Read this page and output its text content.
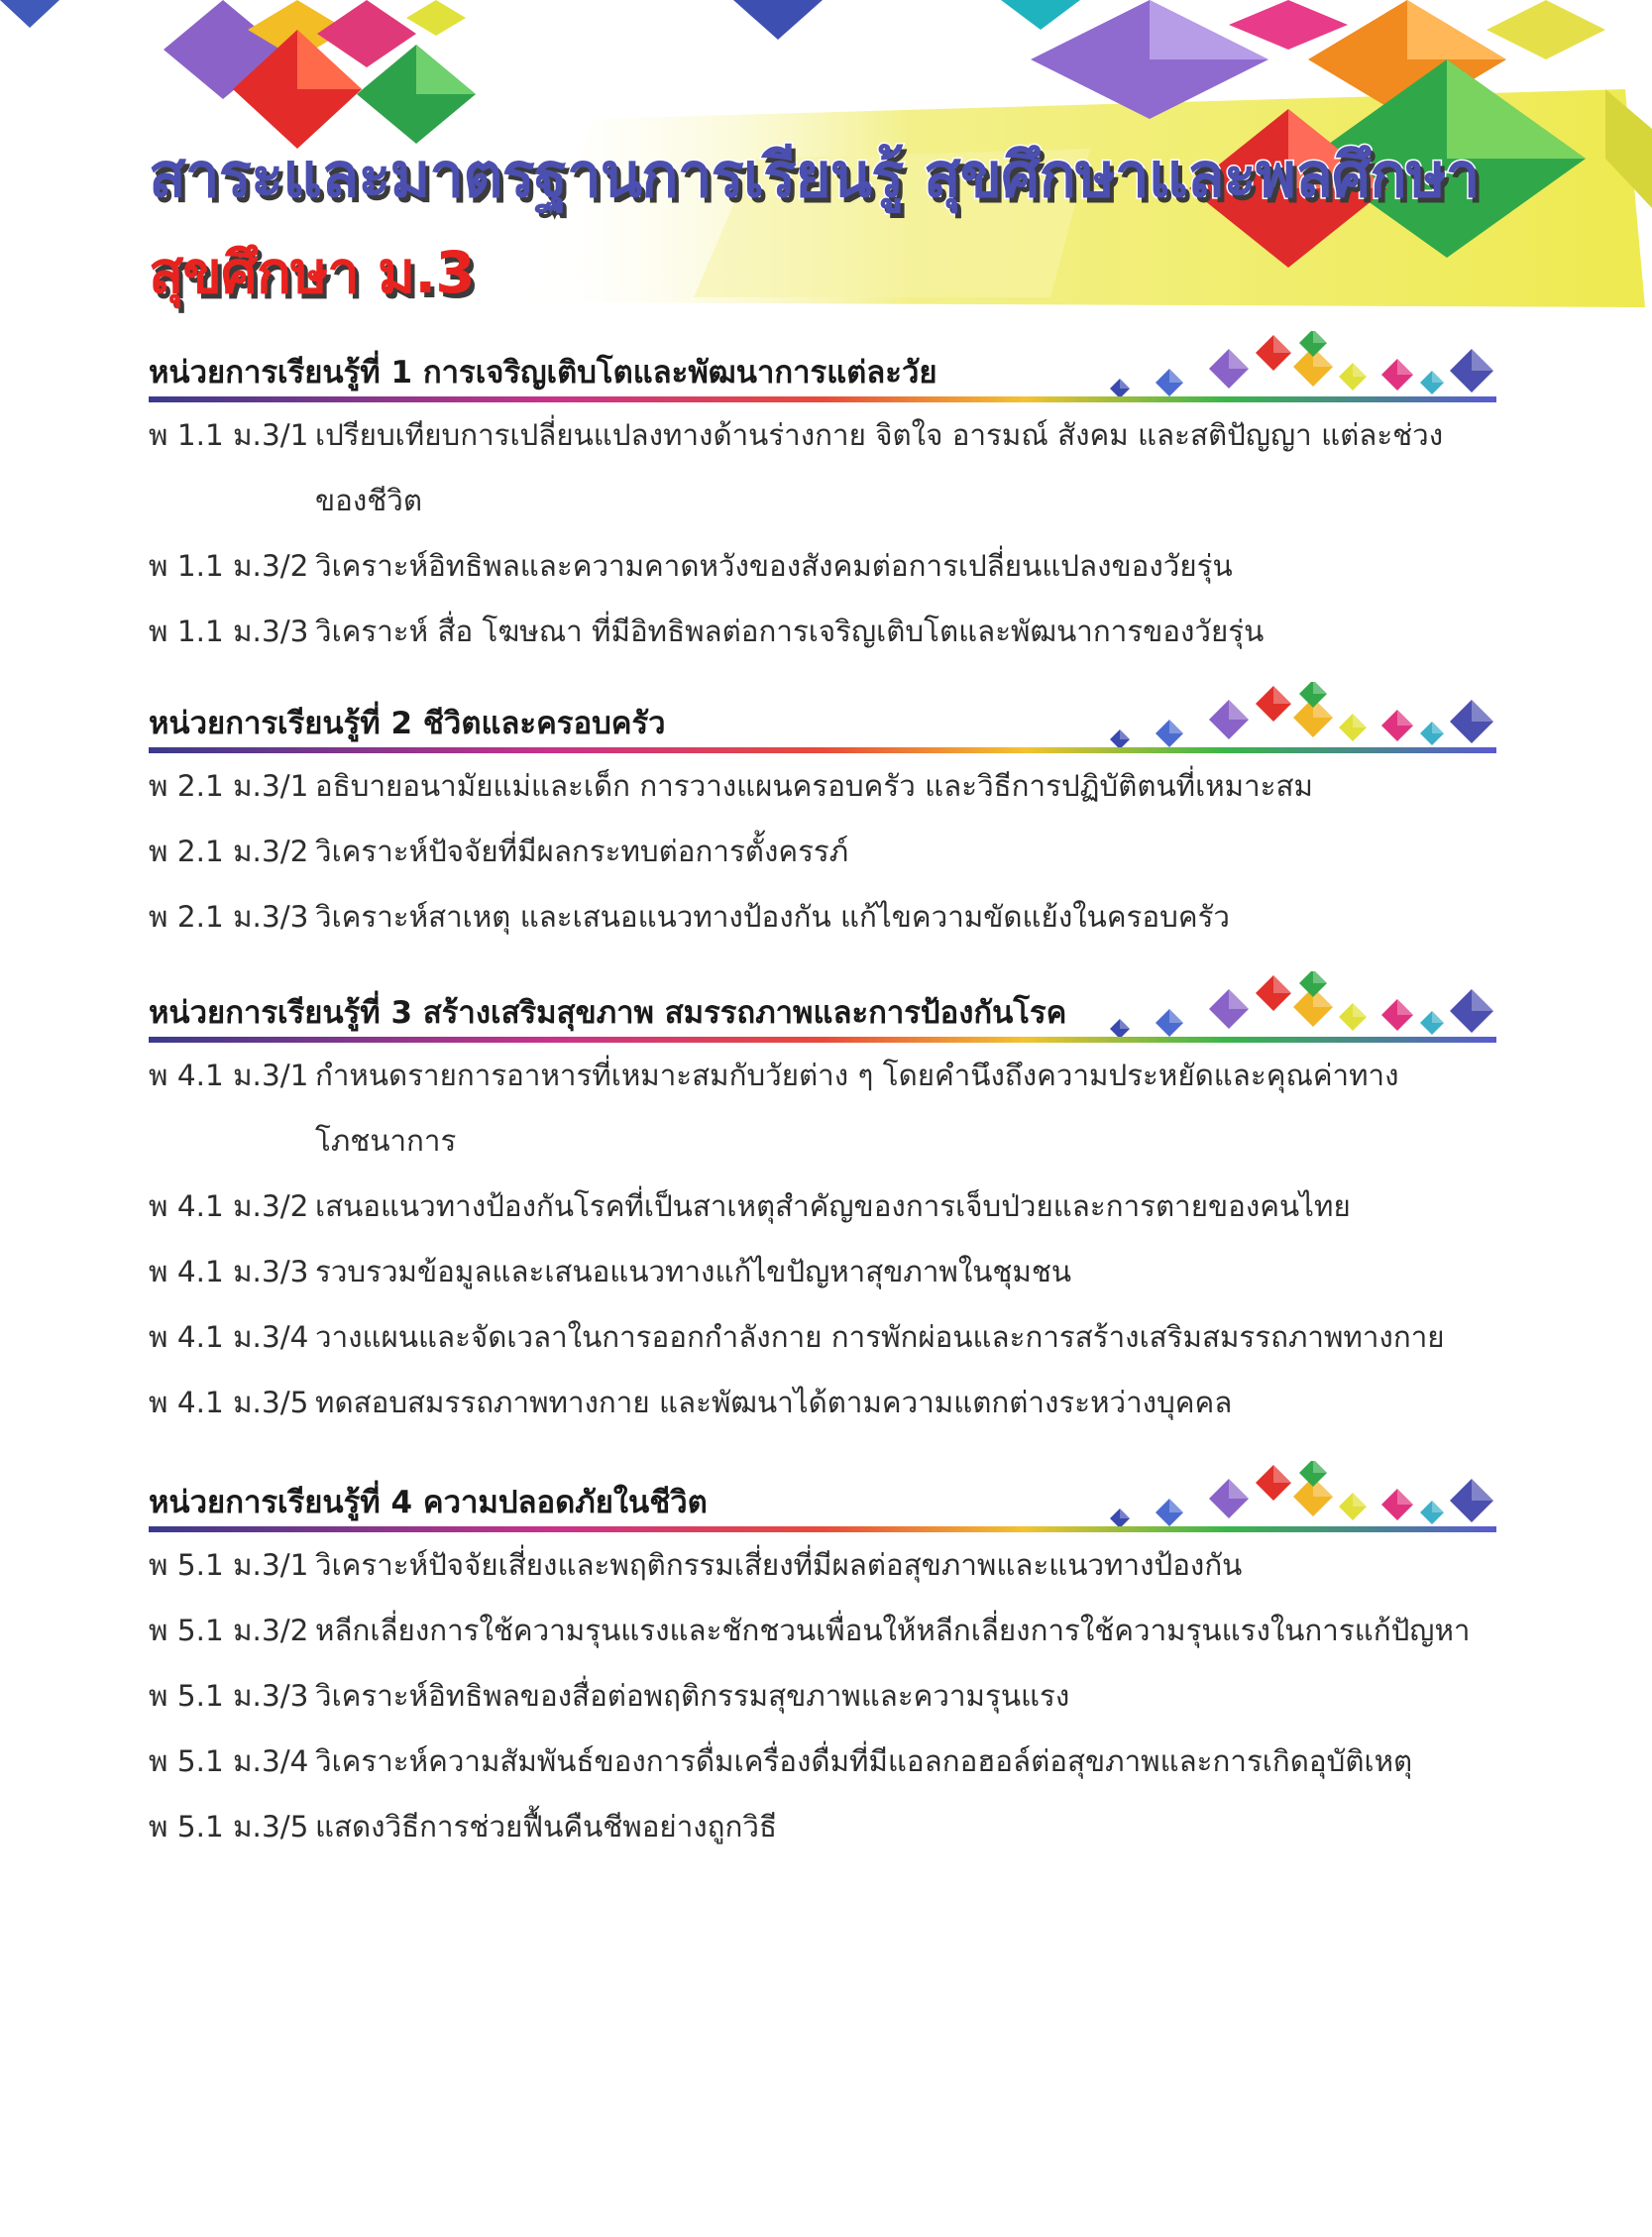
สาระและมาตรฐานการเรียนรู้ สุขศึกษาและพลศึกษา
สุขศึกษา ม.3
หน่วยการเรียนรู้ที่ 1 การเจริญเติบโตและพัฒนาการแต่ละวัย
พ 1.1 ม.3/1 เปรียบเทียบการเปลี่ยนแปลงทางด้านร่างกาย จิตใจ อารมณ์ สังคม และสติปัญญา แต่ละช่วง
ของชีวิต
พ 1.1 ม.3/2 วิเคราะห์อิทธิพลและความคาดหวังของสังคมต่อการเปลี่ยนแปลงของวัยรุ่น
พ 1.1 ม.3/3 วิเคราะห์ สื่อ โฆษณา ที่มีอิทธิพลต่อการเจริญเติบโตและพัฒนาการของวัยรุ่น
หน่วยการเรียนรู้ที่ 2 ชีวิตและครอบครัว
พ 2.1 ม.3/1 อธิบายอนามัยแม่และเด็ก การวางแผนครอบครัว และวิธีการปฏิบัติตนที่เหมาะสม
พ 2.1 ม.3/2 วิเคราะห์ปัจจัยที่มีผลกระทบต่อการตั้งครรภ์
พ 2.1 ม.3/3 วิเคราะห์สาเหตุ และเสนอแนวทางป้องกัน แก้ไขความขัดแย้งในครอบครัว
หน่วยการเรียนรู้ที่ 3 สร้างเสริมสุขภาพ สมรรถภาพและการป้องกันโรค
พ 4.1 ม.3/1 กำหนดรายการอาหารที่เหมาะสมกับวัยต่าง ๆ โดยคำนึงถึงความประหยัดและคุณค่าทาง
โภชนาการ
พ 4.1 ม.3/2 เสนอแนวทางป้องกันโรคที่เป็นสาเหตุสำคัญของการเจ็บป่วยและการตายของคนไทย
พ 4.1 ม.3/3 รวบรวมข้อมูลและเสนอแนวทางแก้ไขปัญหาสุขภาพในชุมชน
พ 4.1 ม.3/4 วางแผนและจัดเวลาในการออกกำลังกาย การพักผ่อนและการสร้างเสริมสมรรถภาพทางกาย
พ 4.1 ม.3/5 ทดสอบสมรรถภาพทางกาย และพัฒนาได้ตามความแตกต่างระหว่างบุคคล
หน่วยการเรียนรู้ที่ 4 ความปลอดภัยในชีวิต
พ 5.1 ม.3/1 วิเคราะห์ปัจจัยเสี่ยงและพฤติกรรมเสี่ยงที่มีผลต่อสุขภาพและแนวทางป้องกัน
พ 5.1 ม.3/2 หลีกเลี่ยงการใช้ความรุนแรงและชักชวนเพื่อนให้หลีกเลี่ยงการใช้ความรุนแรงในการแก้ปัญหา
พ 5.1 ม.3/3 วิเคราะห์อิทธิพลของสื่อต่อพฤติกรรมสุขภาพและความรุนแรง
พ 5.1 ม.3/4 วิเคราะห์ความสัมพันธ์ของการดื่มเครื่องดื่มที่มีแอลกอฮอล์ต่อสุขภาพและการเกิดอุบัติเหตุ
พ 5.1 ม.3/5 แสดงวิธีการช่วยฟื้นคืนชีพอย่างถูกวิธี
